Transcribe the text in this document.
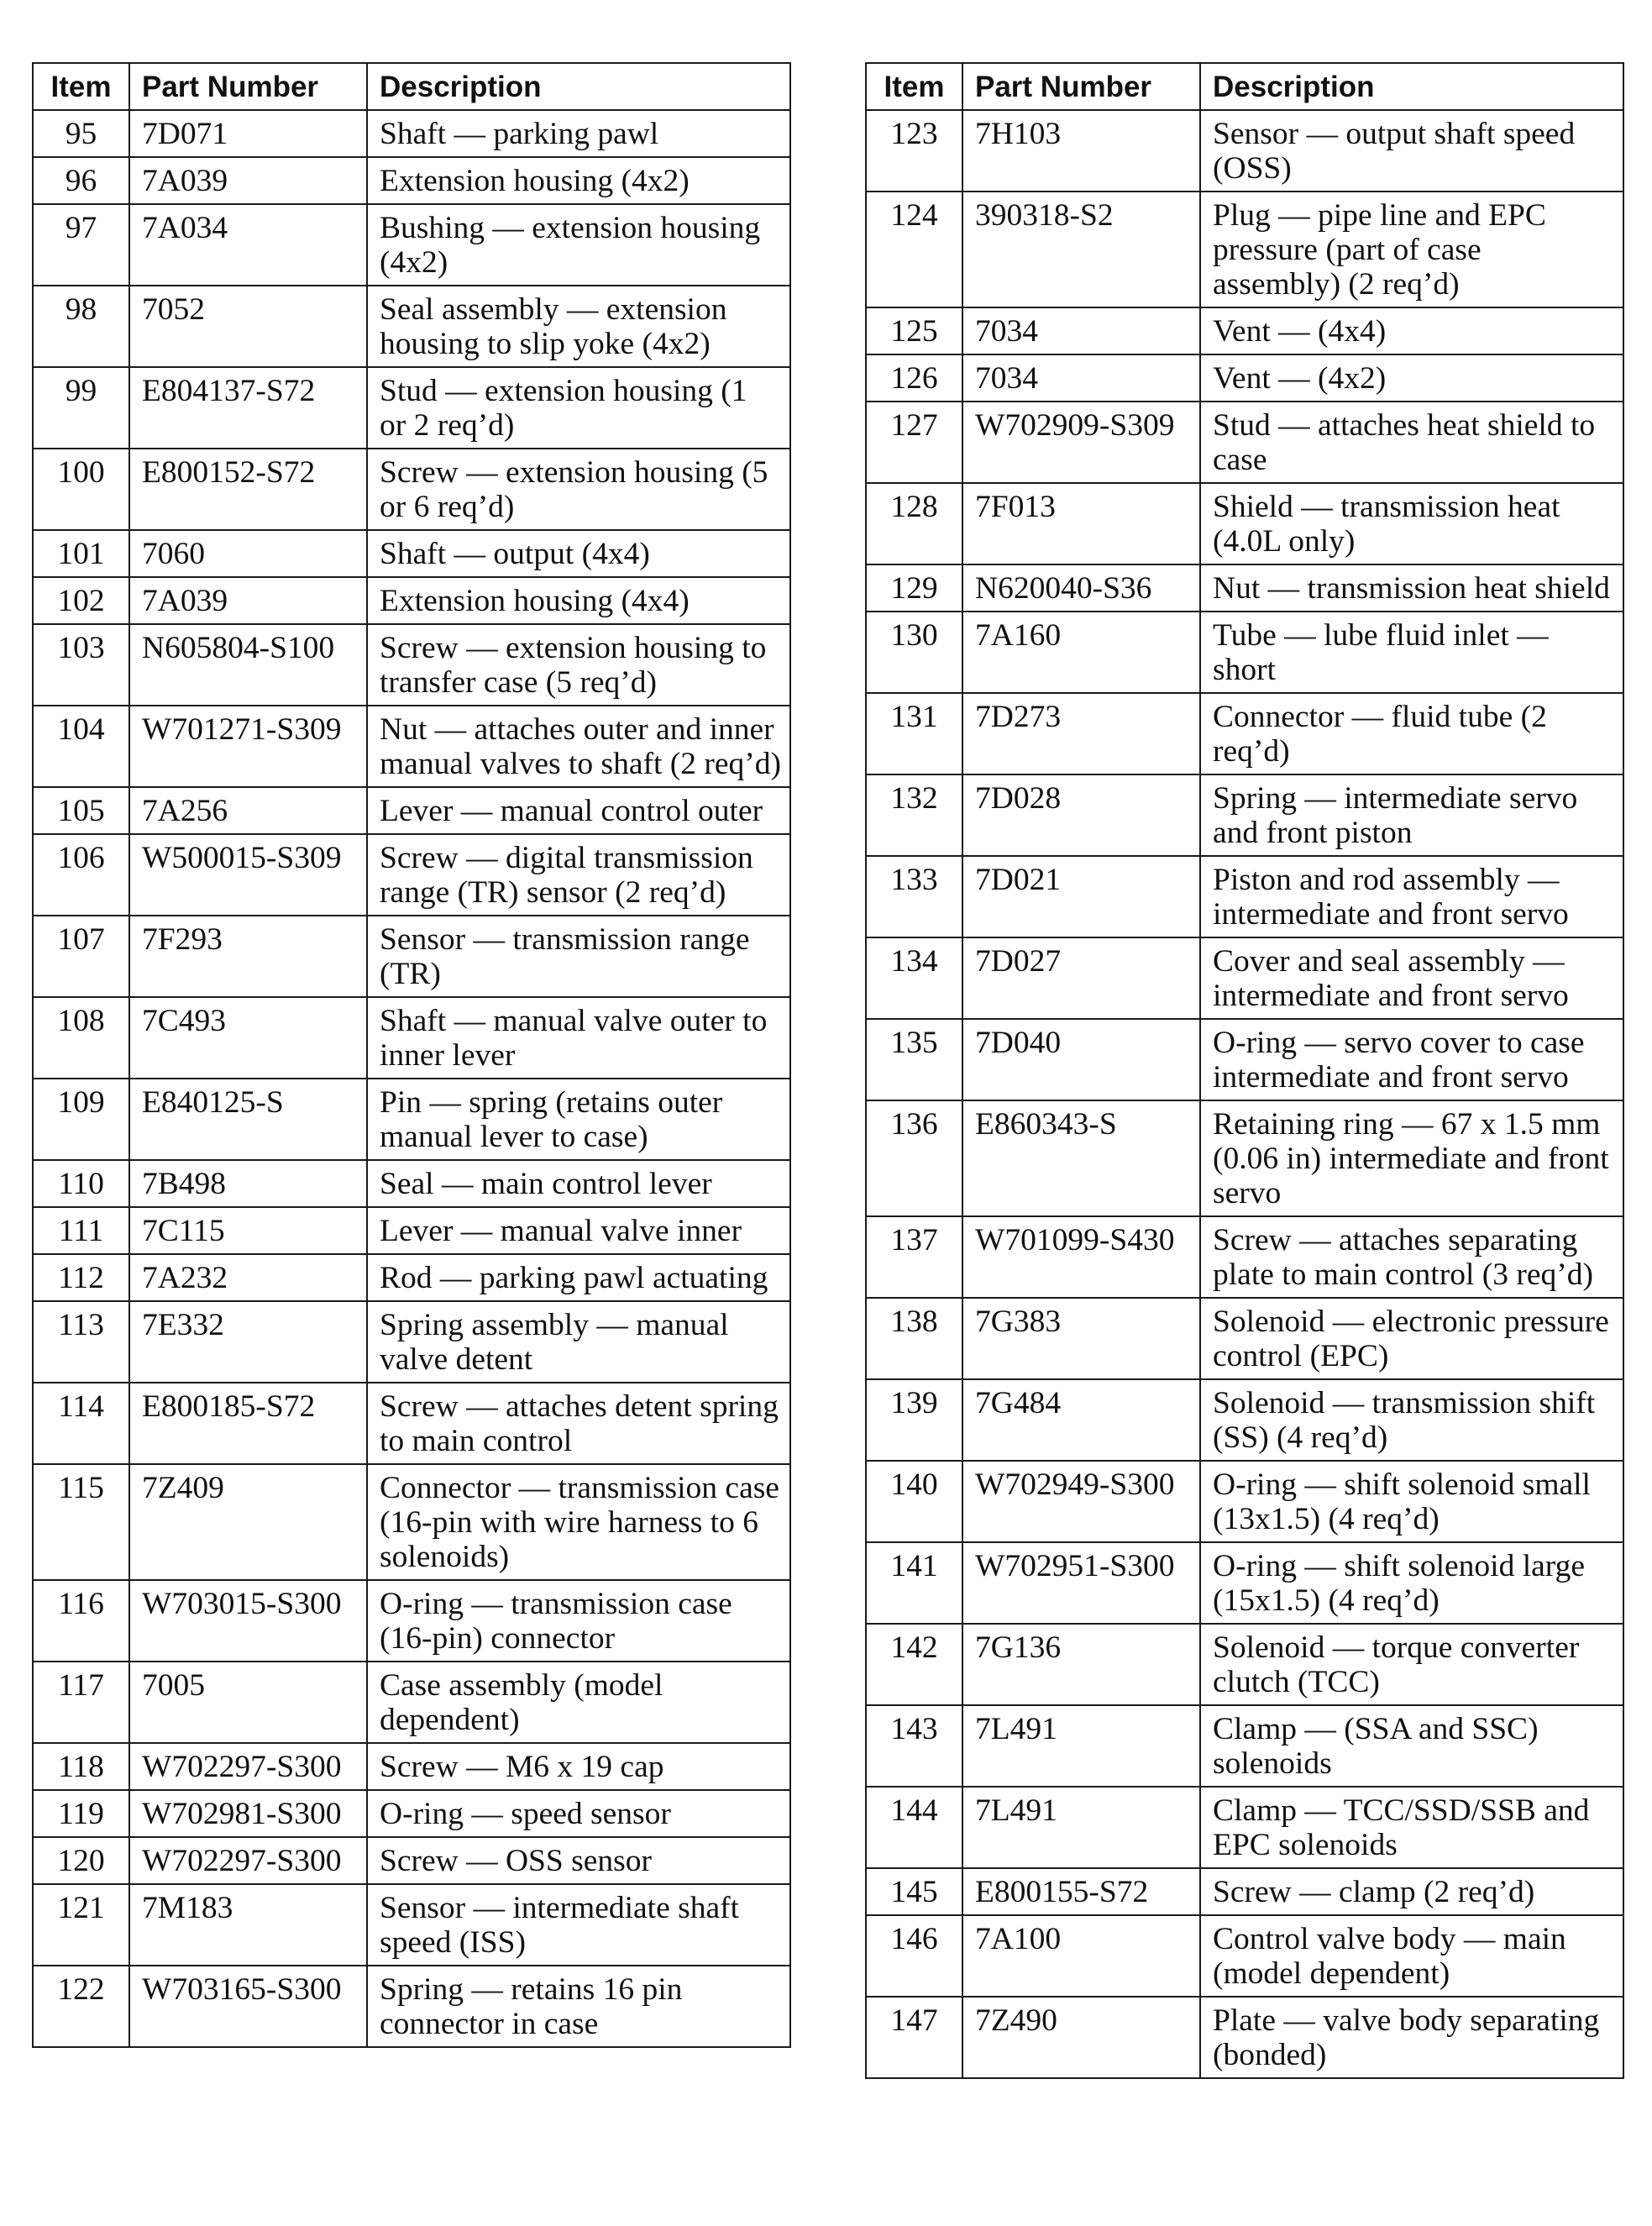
Item	Part Number	Description
95	7D071	Shaft — parking pawl
96	7A039	Extension housing (4x2)
97	7A034	Bushing — extension housing (4x2)
98	7052	Seal assembly — extension housing to slip yoke (4x2)
99	E804137-S72	Stud — extension housing (1 or 2 req’d)
100	E800152-S72	Screw — extension housing (5 or 6 req’d)
101	7060	Shaft — output (4x4)
102	7A039	Extension housing (4x4)
103	N605804-S100	Screw — extension housing to transfer case (5 req’d)
104	W701271-S309	Nut — attaches outer and inner manual valves to shaft (2 req’d)
105	7A256	Lever — manual control outer
106	W500015-S309	Screw — digital transmission range (TR) sensor (2 req’d)
107	7F293	Sensor — transmission range (TR)
108	7C493	Shaft — manual valve outer to inner lever
109	E840125-S	Pin — spring (retains outer manual lever to case)
110	7B498	Seal — main control lever
111	7C115	Lever — manual valve inner
112	7A232	Rod — parking pawl actuating
113	7E332	Spring assembly — manual valve detent
114	E800185-S72	Screw — attaches detent spring to main control
115	7Z409	Connector — transmission case (16-pin with wire harness to 6 solenoids)
116	W703015-S300	O-ring — transmission case (16-pin) connector
117	7005	Case assembly (model dependent)
118	W702297-S300	Screw — M6 x 19 cap
119	W702981-S300	O-ring — speed sensor
120	W702297-S300	Screw — OSS sensor
121	7M183	Sensor — intermediate shaft speed (ISS)
122	W703165-S300	Spring — retains 16 pin connector in case
Item	Part Number	Description
123	7H103	Sensor — output shaft speed (OSS)
124	390318-S2	Plug — pipe line and EPC pressure (part of case assembly) (2 req’d)
125	7034	Vent — (4x4)
126	7034	Vent — (4x2)
127	W702909-S309	Stud — attaches heat shield to case
128	7F013	Shield — transmission heat (4.0L only)
129	N620040-S36	Nut — transmission heat shield
130	7A160	Tube — lube fluid inlet — short
131	7D273	Connector — fluid tube (2 req’d)
132	7D028	Spring — intermediate servo and front piston
133	7D021	Piston and rod assembly — intermediate and front servo
134	7D027	Cover and seal assembly — intermediate and front servo
135	7D040	O-ring — servo cover to case intermediate and front servo
136	E860343-S	Retaining ring — 67 x 1.5 mm (0.06 in) intermediate and front servo
137	W701099-S430	Screw — attaches separating plate to main control (3 req’d)
138	7G383	Solenoid — electronic pressure control (EPC)
139	7G484	Solenoid — transmission shift (SS) (4 req’d)
140	W702949-S300	O-ring — shift solenoid small (13x1.5) (4 req’d)
141	W702951-S300	O-ring — shift solenoid large (15x1.5) (4 req’d)
142	7G136	Solenoid — torque converter clutch (TCC)
143	7L491	Clamp — (SSA and SSC) solenoids
144	7L491	Clamp — TCC/SSD/SSB and EPC solenoids
145	E800155-S72	Screw — clamp (2 req’d)
146	7A100	Control valve body — main (model dependent)
147	7Z490	Plate — valve body separating (bonded)
